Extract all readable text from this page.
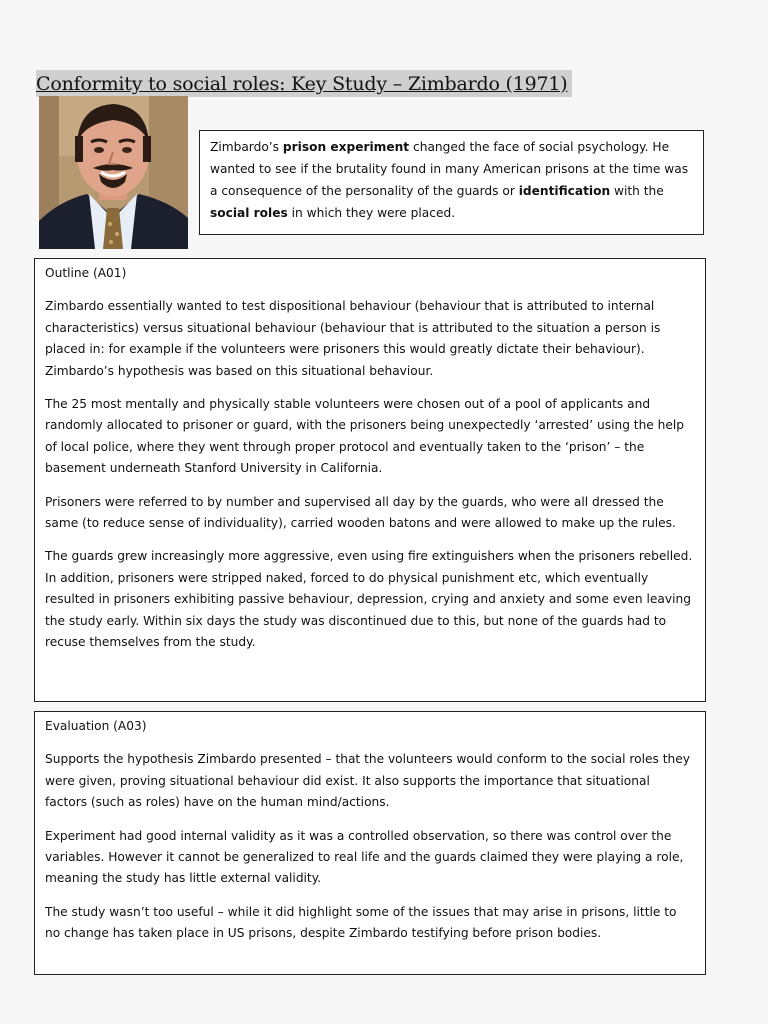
Conformity to social roles: Key Study – Zimbardo (1971)
Zimbardo’s prison experiment changed the face of social psychology. He wanted to see if the brutality found in many American prisons at the time was a consequence of the personality of the guards or identification with the social roles in which they were placed.
Outline (A01)

Zimbardo essentially wanted to test dispositional behaviour (behaviour that is attributed to internal characteristics) versus situational behaviour (behaviour that is attributed to the situation a person is placed in: for example if the volunteers were prisoners this would greatly dictate their behaviour). Zimbardo’s hypothesis was based on this situational behaviour.

The 25 most mentally and physically stable volunteers were chosen out of a pool of applicants and randomly allocated to prisoner or guard, with the prisoners being unexpectedly ‘arrested’ using the help of local police, where they went through proper protocol and eventually taken to the ‘prison’ – the basement underneath Stanford University in California.

Prisoners were referred to by number and supervised all day by the guards, who were all dressed the same (to reduce sense of individuality), carried wooden batons and were allowed to make up the rules.

The guards grew increasingly more aggressive, even using fire extinguishers when the prisoners rebelled. In addition, prisoners were stripped naked, forced to do physical punishment etc, which eventually resulted in prisoners exhibiting passive behaviour, depression, crying and anxiety and some even leaving the study early. Within six days the study was discontinued due to this, but none of the guards had to recuse themselves from the study.

Evaluation (A03)

Supports the hypothesis Zimbardo presented – that the volunteers would conform to the social roles they were given, proving situational behaviour did exist. It also supports the importance that situational factors (such as roles) have on the human mind/actions.

Experiment had good internal validity as it was a controlled observation, so there was control over the variables. However it cannot be generalized to real life and the guards claimed they were playing a role, meaning the study has little external validity.

The study wasn’t too useful – while it did highlight some of the issues that may arise in prisons, little to no change has taken place in US prisons, despite Zimbardo testifying before prison bodies.
